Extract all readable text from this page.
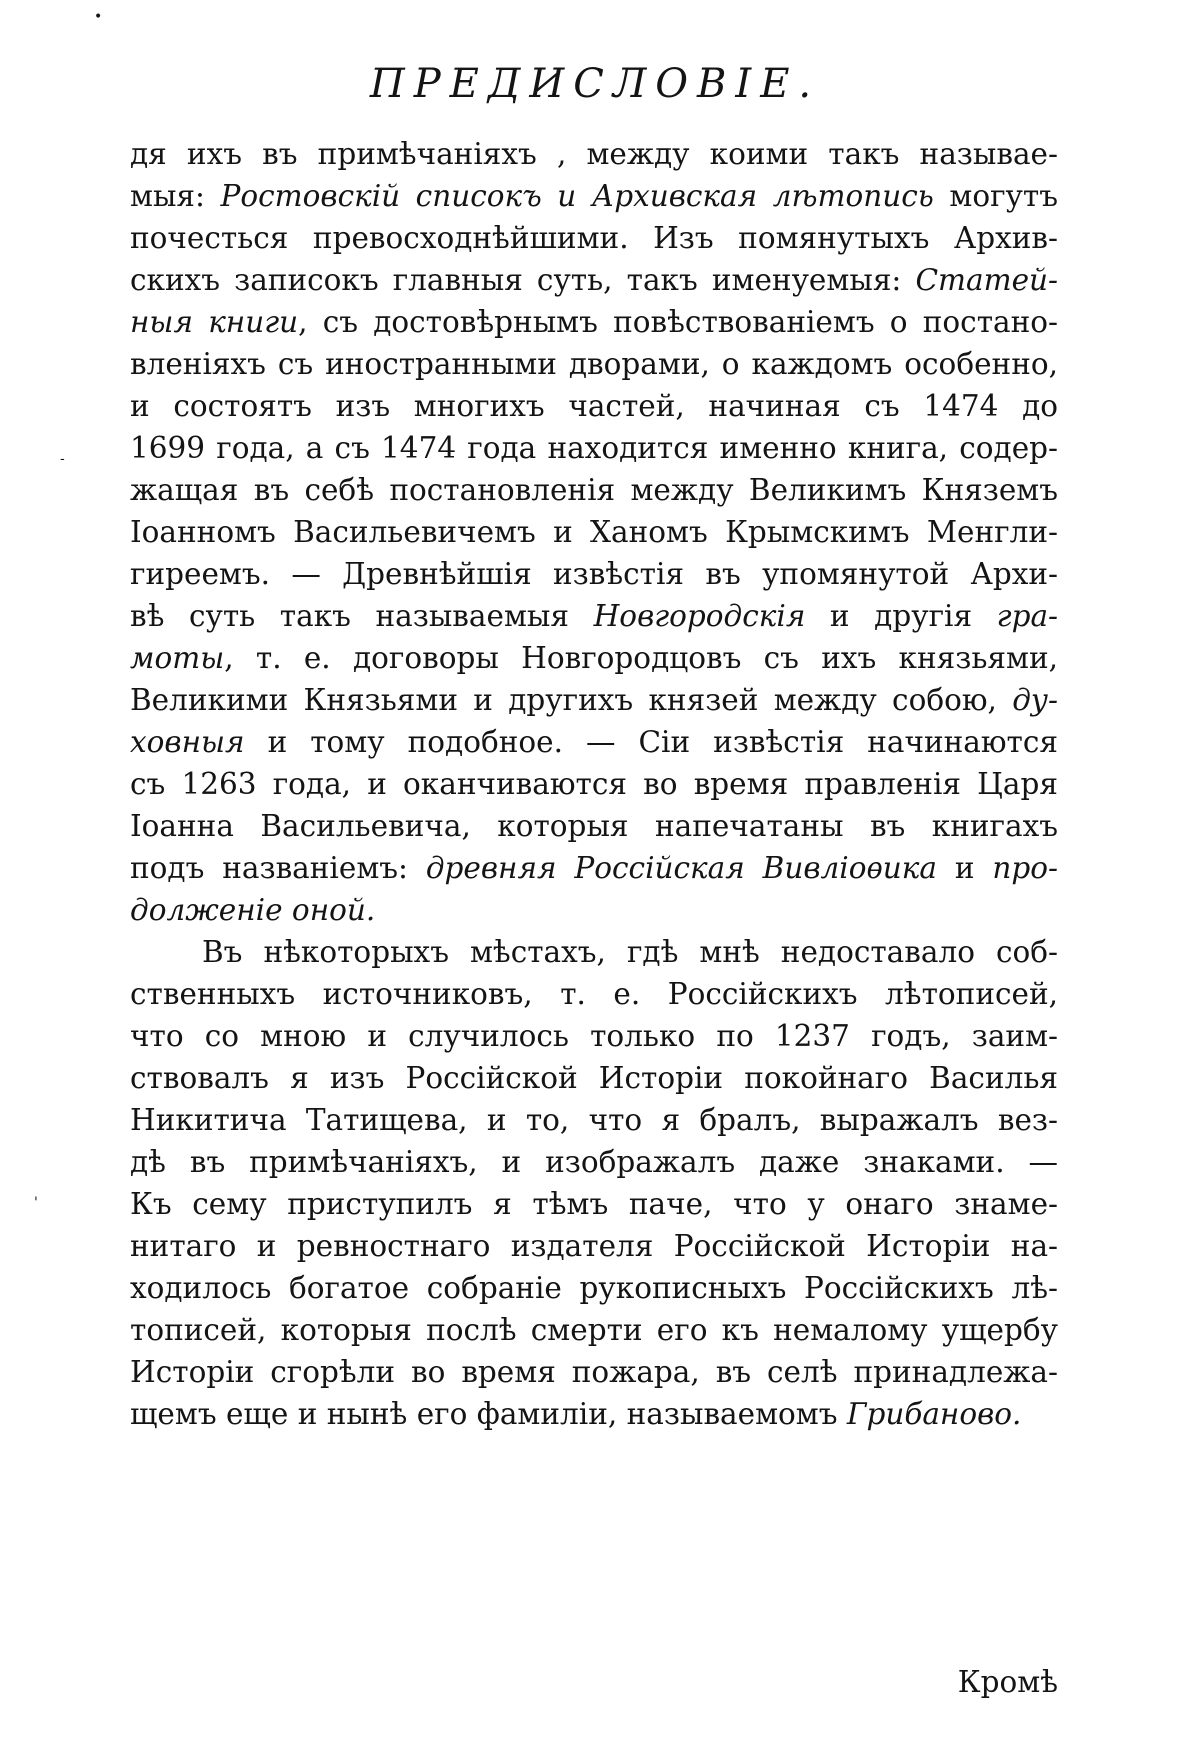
•
-
'
ПРЕДИСЛОВІЕ.
дя ихъ въ примѣчаніяхъ , между коими такъ называе-
мыя: Ростовскій списокъ и Архивская лѣтопись могутъ
почесться превосходнѣйшими. Изъ помянутыхъ Архив-
скихъ записокъ главныя суть, такъ именуемыя: Статей-
ныя книги, съ достовѣрнымъ повѣствованіемъ о постано-
вленіяхъ съ иностранными дворами, о каждомъ особенно,
и состоятъ изъ многихъ частей, начиная съ 1474 до
1699 года, а съ 1474 года находится именно книга, содер-
жащая въ себѣ постановленія между Великимъ Княземъ
Іоанномъ Васильевичемъ и Ханомъ Крымскимъ Менгли-
гиреемъ. — Древнѣйшія извѣстія въ упомянутой Архи-
вѣ суть такъ называемыя Новгородскія и другія гра-
моты, т. е. договоры Новгородцовъ съ ихъ князьями,
Великими Князьями и другихъ князей между собою, ду-
ховныя и тому подобное. — Сіи извѣстія начинаются
съ 1263 года, и оканчиваются во время правленія Царя
Іоанна Васильевича, которыя напечатаны въ книгахъ
подъ названіемъ: древняя Россійская Вивліоѳика и про-
долженіе оной.
Въ нѣкоторыхъ мѣстахъ, гдѣ мнѣ недоставало соб-
ственныхъ источниковъ, т. е. Россійскихъ лѣтописей,
что со мною и случилось только по 1237 годъ, заим-
ствовалъ я изъ Россійской Исторіи покойнаго Василья
Никитича Татищева, и то, что я бралъ, выражалъ вез-
дѣ въ примѣчаніяхъ, и изображалъ даже знаками. —
Къ сему приступилъ я тѣмъ паче, что у онаго знаме-
нитаго и ревностнаго издателя Россійской Исторіи на-
ходилось богатое собраніе рукописныхъ Россійскихъ лѣ-
тописей, которыя послѣ смерти его къ немалому ущербу
Исторіи сгорѣли во время пожара, въ селѣ принадлежа-
щемъ еще и нынѣ его фамиліи, называемомъ Грибаново.
Кромѣ
